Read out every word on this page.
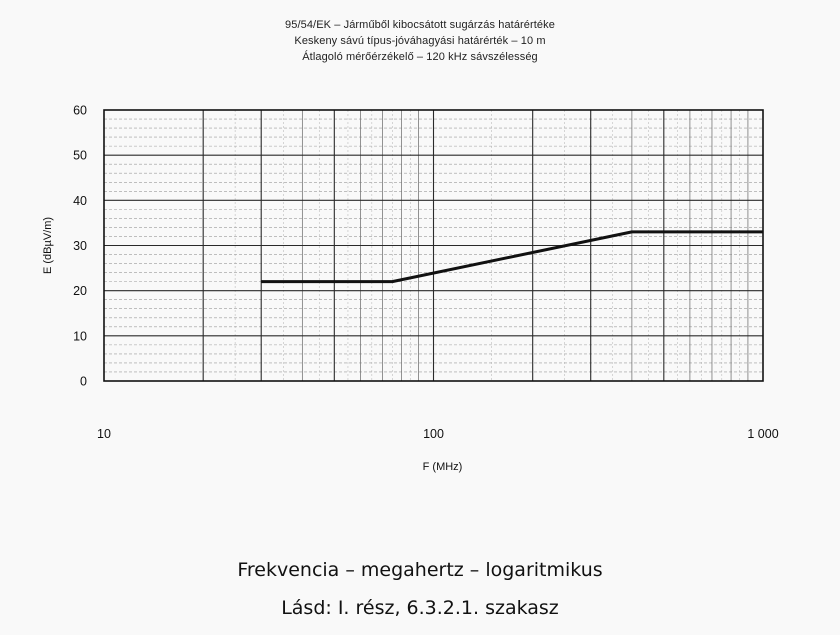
95/54/EK – Járműből kibocsátott sugárzás határértéke
Keskeny sávú típus-jóváhagyási határérték – 10 m
Átlagoló mérőérzékelő – 120 kHz sávszélesség
0
10
20
30
40
50
60
10	100	1 000
E (dBµV/m)
F (MHz)
Frekvencia – megahertz – logaritmikus
Lásd: I. rész, 6.3.2.1. szakasz
